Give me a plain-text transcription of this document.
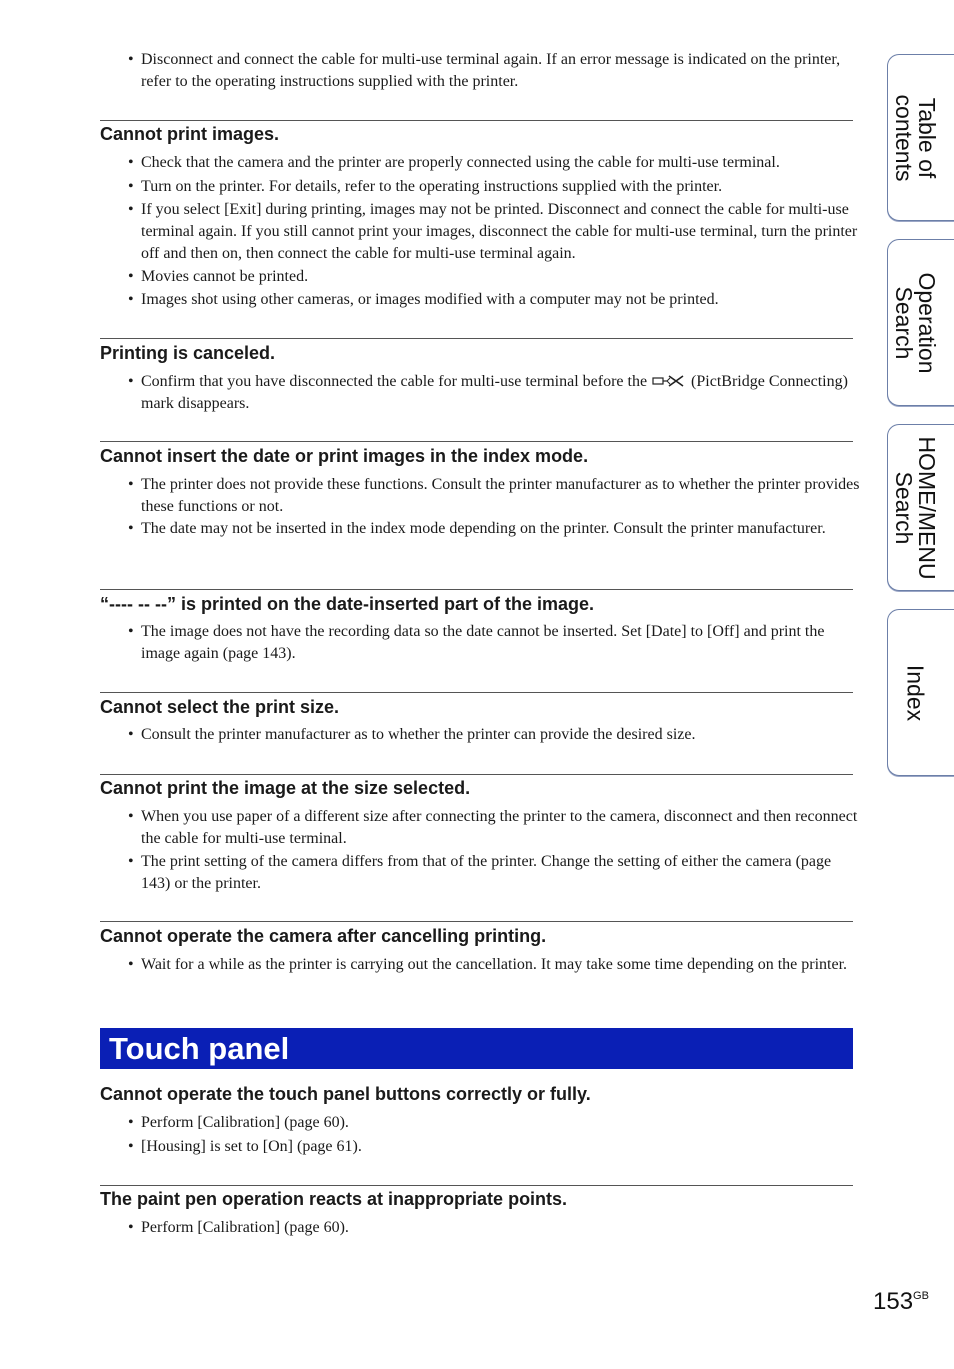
• Disconnect and connect the cable for multi-use terminal again. If an error message is indicated on the printer, refer to the operating instructions supplied with the printer.
Cannot print images.
• Check that the camera and the printer are properly connected using the cable for multi-use terminal.
• Turn on the printer. For details, refer to the operating instructions supplied with the printer.
• If you select [Exit] during printing, images may not be printed. Disconnect and connect the cable for multi-use terminal again. If you still cannot print your images, disconnect the cable for multi-use terminal, turn the printer off and then on, then connect the cable for multi-use terminal again.
• Movies cannot be printed.
• Images shot using other cameras, or images modified with a computer may not be printed.
Printing is canceled.
• Confirm that you have disconnected the cable for multi-use terminal before the	(PictBridge Connecting) mark disappears.
Cannot insert the date or print images in the index mode.
• The printer does not provide these functions. Consult the printer manufacturer as to whether the printer provides these functions or not.
• The date may not be inserted in the index mode depending on the printer. Consult the printer manufacturer.
“---- -- --” is printed on the date-inserted part of the image.
• The image does not have the recording data so the date cannot be inserted. Set [Date] to [Off] and print the image again (page 143).
Cannot select the print size.
• Consult the printer manufacturer as to whether the printer can provide the desired size.
Cannot print the image at the size selected.
• When you use paper of a different size after connecting the printer to the camera, disconnect and then reconnect the cable for multi-use terminal.
• The print setting of the camera differs from that of the printer. Change the setting of either the camera (page 143) or the printer.
Cannot operate the camera after cancelling printing.
• Wait for a while as the printer is carrying out the cancellation. It may take some time depending on the printer.
Touch panel
Cannot operate the touch panel buttons correctly or fully.
• Perform [Calibration] (page 60).
• [Housing] is set to [On] (page 61).
The paint pen operation reacts at inappropriate points.
• Perform [Calibration] (page 60).
Table of
contents
Operation
Search
HOME/MENU
Search
Index
$153^{GB}$
